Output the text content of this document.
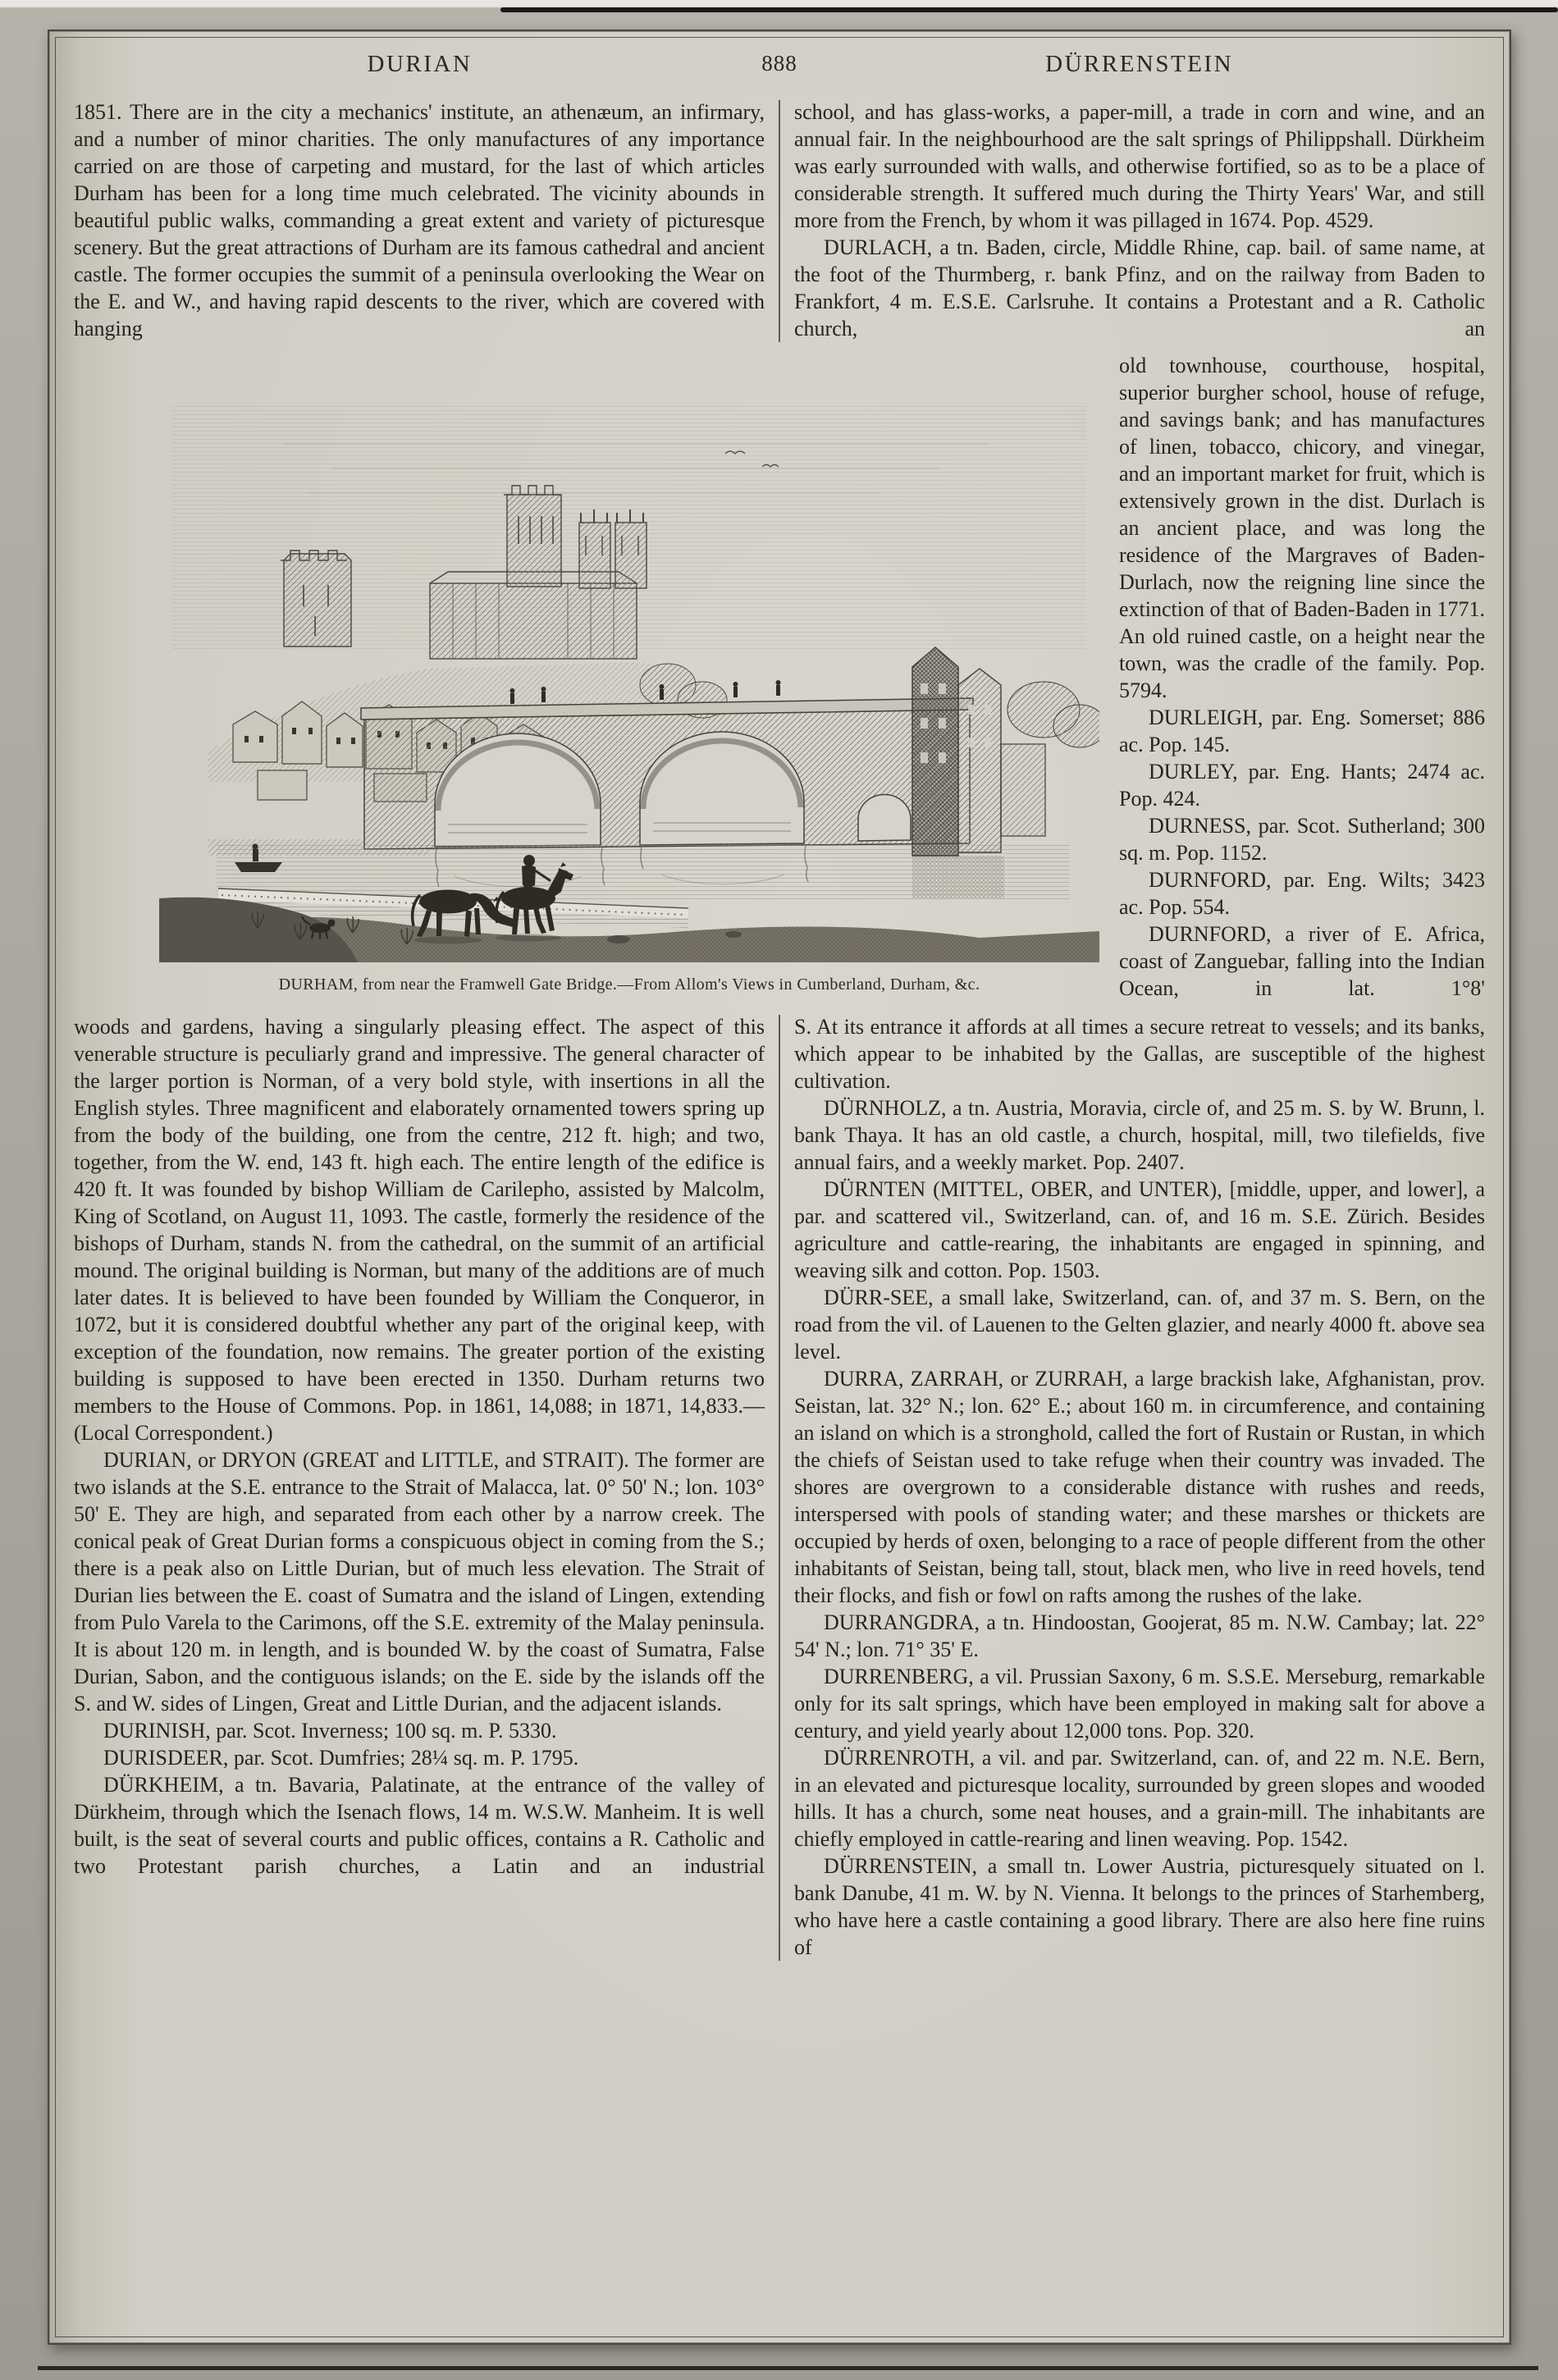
DURIAN	888	DÜRRENSTEIN

1851. There are in the city a mechanics' institute, an athenæum, an infirmary, and a number of minor charities. The only manufactures of any importance carried on are those of carpeting and mustard, for the last of which articles Durham has been for a long time much celebrated. The vicinity abounds in beautiful public walks, commanding a great extent and variety of picturesque scenery. But the great attractions of Durham are its famous cathedral and ancient castle. The former occupies the summit of a peninsula overlooking the Wear on the E. and W., and having rapid descents to the river, which are covered with hanging

school, and has glass-works, a paper-mill, a trade in corn and wine, and an annual fair. In the neighbourhood are the salt springs of Philippshall. Dürkheim was early surrounded with walls, and otherwise fortified, so as to be a place of considerable strength. It suffered much during the Thirty Years' War, and still more from the French, by whom it was pillaged in 1674. Pop. 4529.

DURLACH, a tn. Baden, circle, Middle Rhine, cap. bail. of same name, at the foot of the Thurmberg, r. bank Pfinz, and on the railway from Baden to Frankfort, 4 m. E.S.E. Carlsruhe. It contains a Protestant and a R. Catholic church, an

DURHAM, from near the Framwell Gate Bridge.—From Allom's Views in Cumberland, Durham, &c.

old townhouse, courthouse, hospital, superior burgher school, house of refuge, and savings bank; and has manufactures of linen, tobacco, chicory, and vinegar, and an important market for fruit, which is extensively grown in the dist. Durlach is an ancient place, and was long the residence of the Margraves of Baden-Durlach, now the reigning line since the extinction of that of Baden-Baden in 1771. An old ruined castle, on a height near the town, was the cradle of the family. Pop. 5794.

DURLEIGH, par. Eng. Somerset; 886 ac. Pop. 145.

DURLEY, par. Eng. Hants; 2474 ac. Pop. 424.

DURNESS, par. Scot. Sutherland; 300 sq. m. Pop. 1152.

DURNFORD, par. Eng. Wilts; 3423 ac. Pop. 554.

DURNFORD, a river of E. Africa, coast of Zanguebar, falling into the Indian Ocean, in lat. 1°8'

woods and gardens, having a singularly pleasing effect. The aspect of this venerable structure is peculiarly grand and impressive. The general character of the larger portion is Norman, of a very bold style, with insertions in all the English styles. Three magnificent and elaborately ornamented towers spring up from the body of the building, one from the centre, 212 ft. high; and two, together, from the W. end, 143 ft. high each. The entire length of the edifice is 420 ft. It was founded by bishop William de Carilepho, assisted by Malcolm, King of Scotland, on August 11, 1093. The castle, formerly the residence of the bishops of Durham, stands N. from the cathedral, on the summit of an artificial mound. The original building is Norman, but many of the additions are of much later dates. It is believed to have been founded by William the Conqueror, in 1072, but it is considered doubtful whether any part of the original keep, with exception of the foundation, now remains. The greater portion of the existing building is supposed to have been erected in 1350. Durham returns two members to the House of Commons. Pop. in 1861, 14,088; in 1871, 14,833.—(Local Correspondent.)

DURIAN, or DRYON (GREAT and LITTLE, and STRAIT). The former are two islands at the S.E. entrance to the Strait of Malacca, lat. 0° 50' N.; lon. 103° 50' E. They are high, and separated from each other by a narrow creek. The conical peak of Great Durian forms a conspicuous object in coming from the S.; there is a peak also on Little Durian, but of much less elevation. The Strait of Durian lies between the E. coast of Sumatra and the island of Lingen, extending from Pulo Varela to the Carimons, off the S.E. extremity of the Malay peninsula. It is about 120 m. in length, and is bounded W. by the coast of Sumatra, False Durian, Sabon, and the contiguous islands; on the E. side by the islands off the S. and W. sides of Lingen, Great and Little Durian, and the adjacent islands.

DURINISH, par. Scot. Inverness; 100 sq. m. P. 5330.

DURISDEER, par. Scot. Dumfries; 28¼ sq. m. P. 1795.

DÜRKHEIM, a tn. Bavaria, Palatinate, at the entrance of the valley of Dürkheim, through which the Isenach flows, 14 m. W.S.W. Manheim. It is well built, is the seat of several courts and public offices, contains a R. Catholic and two Protestant parish churches, a Latin and an industrial

S. At its entrance it affords at all times a secure retreat to vessels; and its banks, which appear to be inhabited by the Gallas, are susceptible of the highest cultivation.

DÜRNHOLZ, a tn. Austria, Moravia, circle of, and 25 m. S. by W. Brunn, l. bank Thaya. It has an old castle, a church, hospital, mill, two tilefields, five annual fairs, and a weekly market. Pop. 2407.

DÜRNTEN (MITTEL, OBER, and UNTER), [middle, upper, and lower], a par. and scattered vil., Switzerland, can. of, and 16 m. S.E. Zürich. Besides agriculture and cattle-rearing, the inhabitants are engaged in spinning, and weaving silk and cotton. Pop. 1503.

DÜRR-SEE, a small lake, Switzerland, can. of, and 37 m. S. Bern, on the road from the vil. of Lauenen to the Gelten glazier, and nearly 4000 ft. above sea level.

DURRA, ZARRAH, or ZURRAH, a large brackish lake, Afghanistan, prov. Seistan, lat. 32° N.; lon. 62° E.; about 160 m. in circumference, and containing an island on which is a stronghold, called the fort of Rustain or Rustan, in which the chiefs of Seistan used to take refuge when their country was invaded. The shores are overgrown to a considerable distance with rushes and reeds, interspersed with pools of standing water; and these marshes or thickets are occupied by herds of oxen, belonging to a race of people different from the other inhabitants of Seistan, being tall, stout, black men, who live in reed hovels, tend their flocks, and fish or fowl on rafts among the rushes of the lake.

DURRANGDRA, a tn. Hindoostan, Goojerat, 85 m. N.W. Cambay; lat. 22° 54' N.; lon. 71° 35' E.

DURRENBERG, a vil. Prussian Saxony, 6 m. S.S.E. Merseburg, remarkable only for its salt springs, which have been employed in making salt for above a century, and yield yearly about 12,000 tons. Pop. 320.

DÜRRENROTH, a vil. and par. Switzerland, can. of, and 22 m. N.E. Bern, in an elevated and picturesque locality, surrounded by green slopes and wooded hills. It has a church, some neat houses, and a grain-mill. The inhabitants are chiefly employed in cattle-rearing and linen weaving. Pop. 1542.

DÜRRENSTEIN, a small tn. Lower Austria, picturesquely situated on l. bank Danube, 41 m. W. by N. Vienna. It belongs to the princes of Starhemberg, who have here a castle containing a good library. There are also here fine ruins of
